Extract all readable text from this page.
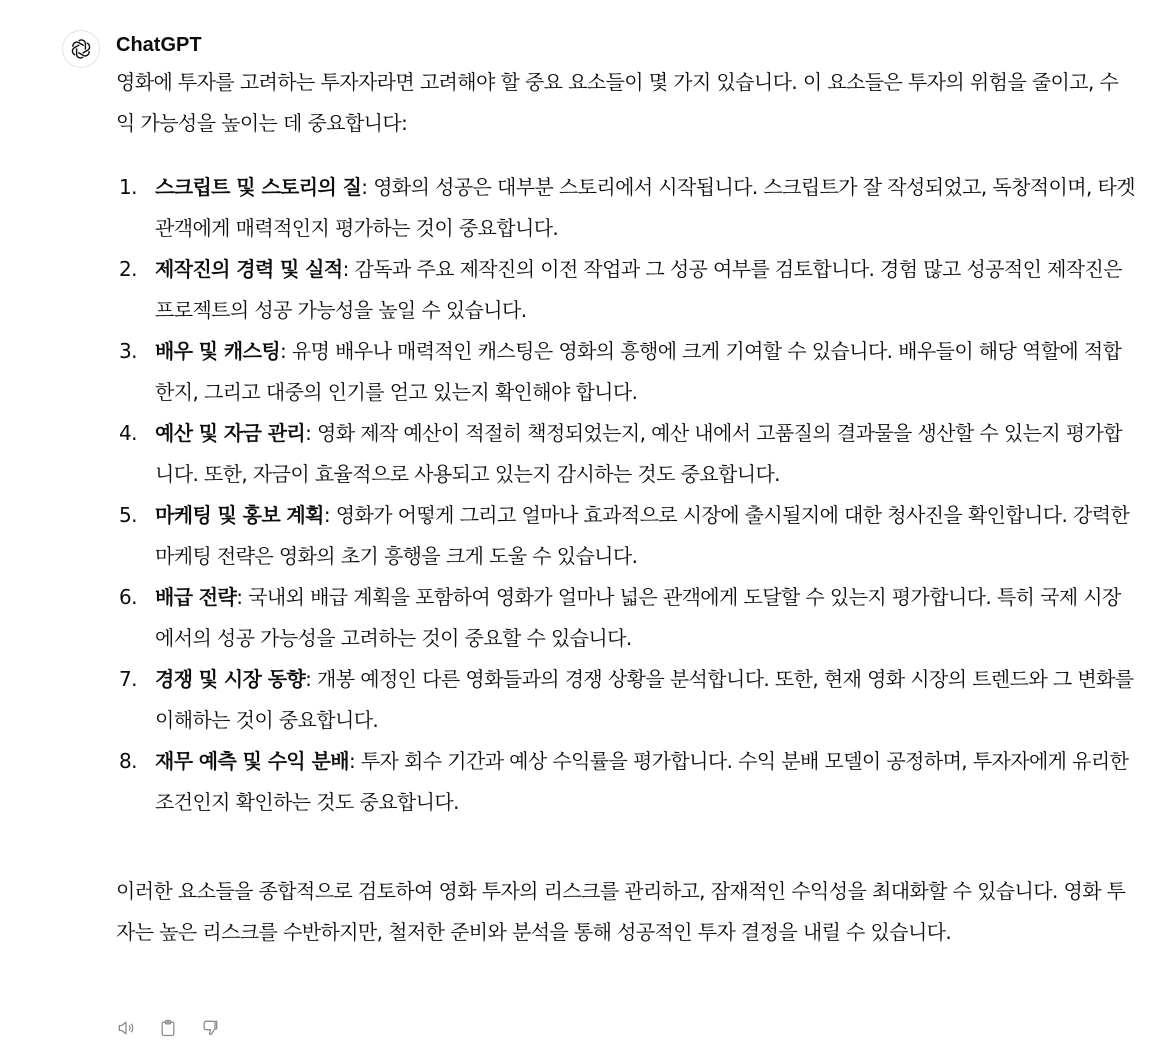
ChatGPT

영화에 투자를 고려하는 투자자라면 고려해야 할 중요 요소들이 몇 가지 있습니다. 이 요소들은 투자의 위험을 줄이고, 수익 가능성을 높이는 데 중요합니다:

1. 스크립트 및 스토리의 질: 영화의 성공은 대부분 스토리에서 시작됩니다. 스크립트가 잘 작성되었고, 독창적이며, 타겟 관객에게 매력적인지 평가하는 것이 중요합니다.
2. 제작진의 경력 및 실적: 감독과 주요 제작진의 이전 작업과 그 성공 여부를 검토합니다. 경험 많고 성공적인 제작진은 프로젝트의 성공 가능성을 높일 수 있습니다.
3. 배우 및 캐스팅: 유명 배우나 매력적인 캐스팅은 영화의 흥행에 크게 기여할 수 있습니다. 배우들이 해당 역할에 적합한지, 그리고 대중의 인기를 얻고 있는지 확인해야 합니다.
4. 예산 및 자금 관리: 영화 제작 예산이 적절히 책정되었는지, 예산 내에서 고품질의 결과물을 생산할 수 있는지 평가합니다. 또한, 자금이 효율적으로 사용되고 있는지 감시하는 것도 중요합니다.
5. 마케팅 및 홍보 계획: 영화가 어떻게 그리고 얼마나 효과적으로 시장에 출시될지에 대한 청사진을 확인합니다. 강력한 마케팅 전략은 영화의 초기 흥행을 크게 도울 수 있습니다.
6. 배급 전략: 국내외 배급 계획을 포함하여 영화가 얼마나 넓은 관객에게 도달할 수 있는지 평가합니다. 특히 국제 시장에서의 성공 가능성을 고려하는 것이 중요할 수 있습니다.
7. 경쟁 및 시장 동향: 개봉 예정인 다른 영화들과의 경쟁 상황을 분석합니다. 또한, 현재 영화 시장의 트렌드와 그 변화를 이해하는 것이 중요합니다.
8. 재무 예측 및 수익 분배: 투자 회수 기간과 예상 수익률을 평가합니다. 수익 분배 모델이 공정하며, 투자자에게 유리한 조건인지 확인하는 것도 중요합니다.

이러한 요소들을 종합적으로 검토하여 영화 투자의 리스크를 관리하고, 잠재적인 수익성을 최대화할 수 있습니다. 영화 투자는 높은 리스크를 수반하지만, 철저한 준비와 분석을 통해 성공적인 투자 결정을 내릴 수 있습니다.
